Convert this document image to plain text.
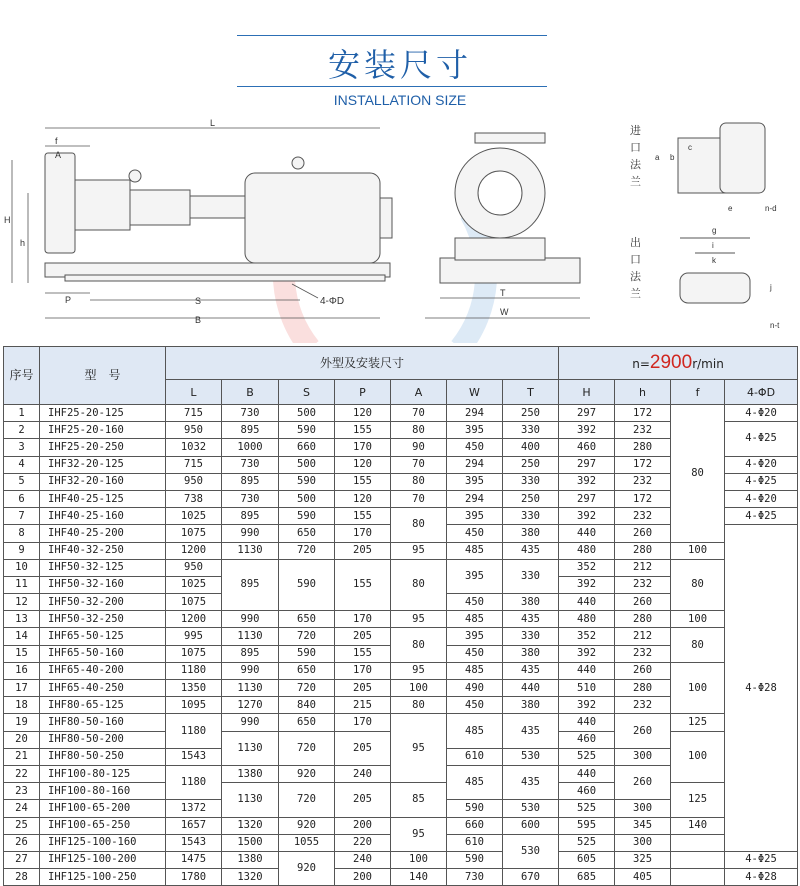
安装尺寸
INSTALLATION SIZE
L
f
A
H
h
P	S
B
4-ΦD
T
W
进
口
法
兰
出
口
法
兰
a b
c
e	n-d
g
i
k
j
n-t
序号	型　号	外型及安装尺寸							n=2900r/min			
		L	B	S	P	A	W	T	H	h	f	4-ΦD
1	IHF25-20-125	715	730	500	120	70	294	250	297	172	80	4-Φ20
2	IHF25-20-160	950	895	590	155	80	395	330	392	232		4-Φ25
3	IHF25-20-250	1032	1000	660	170	90	450	400	460	280		
4	IHF32-20-125	715	730	500	120	70	294	250	297	172		4-Φ20
5	IHF32-20-160	950	895	590	155	80	395	330	392	232		4-Φ25
6	IHF40-25-125	738	730	500	120	70	294	250	297	172		4-Φ20
7	IHF40-25-160	1025	895	590	155	80	395	330	392	232		4-Φ25
8	IHF40-25-200	1075	990	650	170		450	380	440	260		4-Φ28
9	IHF40-32-250	1200	1130	720	205	95	485	435	480	280	100	
10	IHF50-32-125	950	895	590	155	80	395	330	352	212	80	
11	IHF50-32-160	1025							392	232		
12	IHF50-32-200	1075					450	380	440	260		
13	IHF50-32-250	1200	990	650	170	95	485	435	480	280	100	
14	IHF65-50-125	995	1130	720	205	80	395	330	352	212	80	
15	IHF65-50-160	1075	895	590	155		450	380	392	232		
16	IHF65-40-200	1180	990	650	170	95	485	435	440	260	100	
17	IHF65-40-250	1350	1130	720	205	100	490	440	510	280		
18	IHF80-65-125	1095	1270	840	215	80	450	380	392	232		
19	IHF80-50-160	1180	990	650	170	95	485	435	440	260	125	
20	IHF80-50-200		1130	720	205				460		100	
21	IHF80-50-250	1543					610	530	525	300		
22	IHF100-80-125	1180	1380	920	240		485	435	440	260		
23	IHF100-80-160		1130	720	205	85			460		125	
24	IHF100-65-200	1372					590	530	525	300		
25	IHF100-65-250	1657	1320	920	200	95	660	600	595	345	140	
26	IHF125-100-160	1543	1500	1055	220		610	530	525	300		
27	IHF125-100-200	1475	1380	920	240	100	590		605	325		4-Φ25
28	IHF125-100-250	1780	1320		200	140	730	670	685	405		4-Φ28
